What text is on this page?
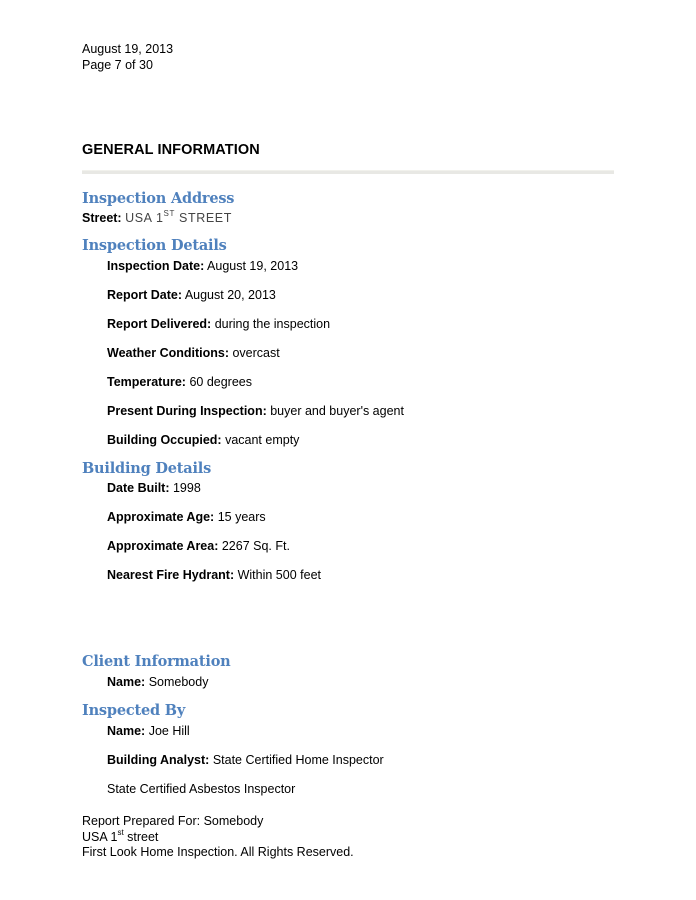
August 19, 2013
Page 7 of 30
GENERAL INFORMATION
Inspection Address
Street: USA 1ST STREET
Inspection Details
Inspection Date: August 19, 2013
Report Date: August 20, 2013
Report Delivered: during the inspection
Weather Conditions: overcast
Temperature: 60 degrees
Present During Inspection: buyer and buyer's agent
Building Occupied: vacant empty
Building Details
Date Built: 1998
Approximate Age: 15 years
Approximate Area: 2267 Sq. Ft.
Nearest Fire Hydrant: Within 500 feet
Client Information
Name: Somebody
Inspected By
Name: Joe Hill
Building Analyst: State Certified Home Inspector
State Certified Asbestos Inspector
Report Prepared For: Somebody
USA 1st street
First Look Home Inspection. All Rights Reserved.
